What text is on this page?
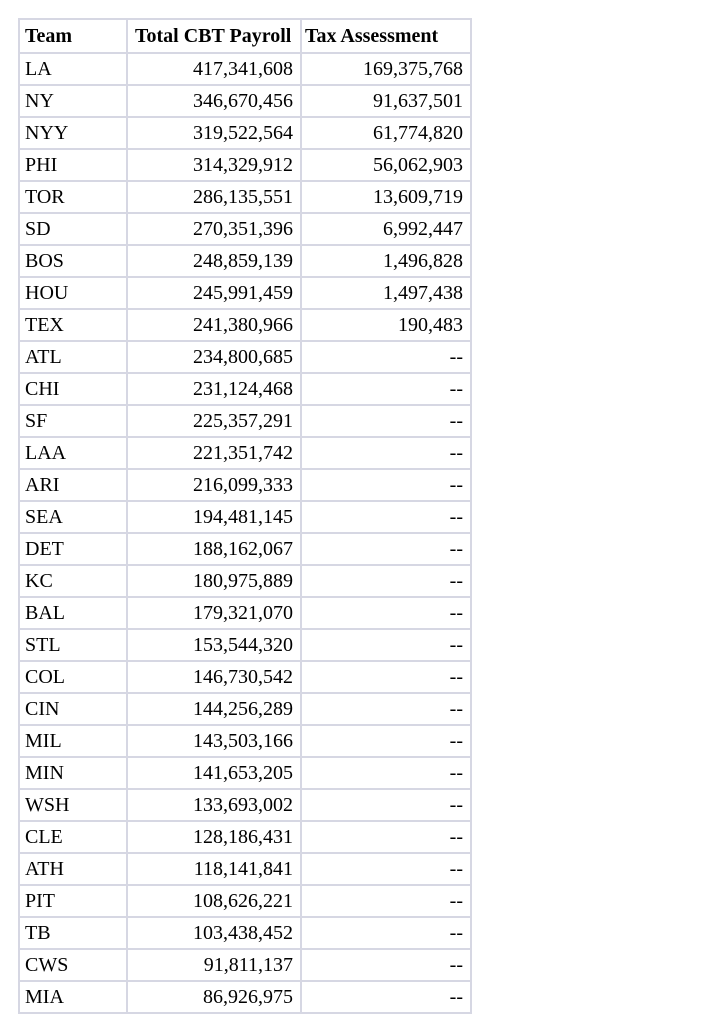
Team	Total CBT Payroll	Tax Assessment
LA	417,341,608	169,375,768
NY	346,670,456	91,637,501
NYY	319,522,564	61,774,820
PHI	314,329,912	56,062,903
TOR	286,135,551	13,609,719
SD	270,351,396	6,992,447
BOS	248,859,139	1,496,828
HOU	245,991,459	1,497,438
TEX	241,380,966	190,483
ATL	234,800,685	--
CHI	231,124,468	--
SF	225,357,291	--
LAA	221,351,742	--
ARI	216,099,333	--
SEA	194,481,145	--
DET	188,162,067	--
KC	180,975,889	--
BAL	179,321,070	--
STL	153,544,320	--
COL	146,730,542	--
CIN	144,256,289	--
MIL	143,503,166	--
MIN	141,653,205	--
WSH	133,693,002	--
CLE	128,186,431	--
ATH	118,141,841	--
PIT	108,626,221	--
TB	103,438,452	--
CWS	91,811,137	--
MIA	86,926,975	--
